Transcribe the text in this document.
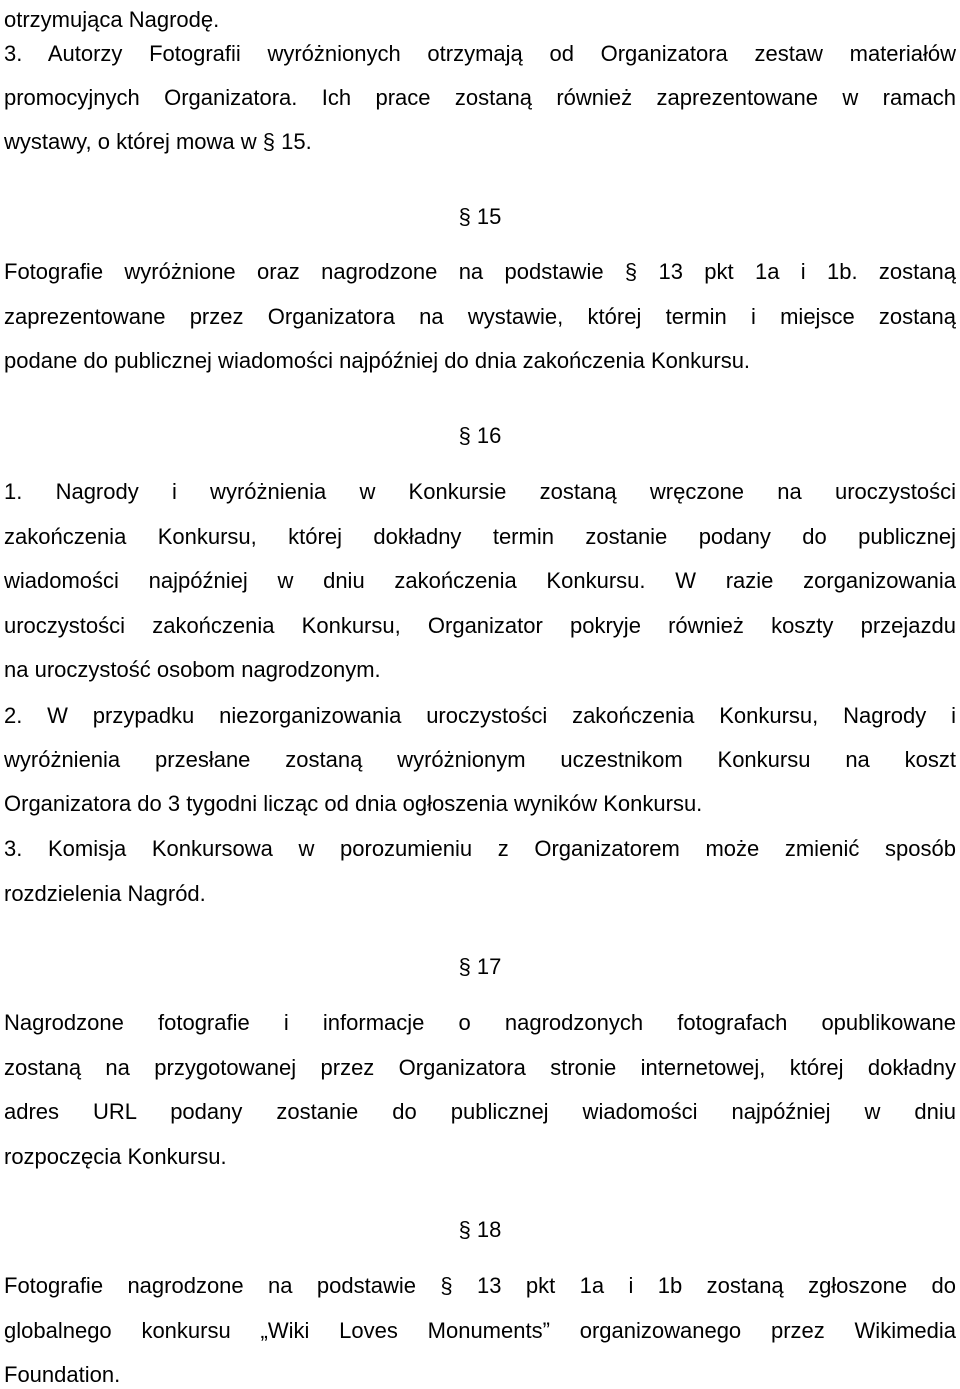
otrzymująca Nagrodę.
3. Autorzy Fotografii wyróżnionych otrzymają od Organizatora zestaw materiałów
promocyjnych Organizatora. Ich prace zostaną również zaprezentowane w ramach
wystawy, o której mowa w § 15.
§ 15
Fotografie wyróżnione oraz nagrodzone na podstawie § 13 pkt 1a i 1b. zostaną
zaprezentowane przez Organizatora na wystawie, której termin i miejsce zostaną
podane do publicznej wiadomości najpóźniej do dnia zakończenia Konkursu.
§ 16
1. Nagrody i wyróżnienia w Konkursie zostaną wręczone na uroczystości
zakończenia Konkursu, której dokładny termin zostanie podany do publicznej
wiadomości najpóźniej w dniu zakończenia Konkursu. W razie zorganizowania
uroczystości zakończenia Konkursu, Organizator pokryje również koszty przejazdu
na uroczystość osobom nagrodzonym.
2. W przypadku niezorganizowania uroczystości zakończenia Konkursu, Nagrody i
wyróżnienia przesłane zostaną wyróżnionym uczestnikom Konkursu na koszt
Organizatora do 3 tygodni licząc od dnia ogłoszenia wyników Konkursu.
3. Komisja Konkursowa w porozumieniu z Organizatorem może zmienić sposób
rozdzielenia Nagród.
§ 17
Nagrodzone fotografie i informacje o nagrodzonych fotografach opublikowane
zostaną na przygotowanej przez Organizatora stronie internetowej, której dokładny
adres URL podany zostanie do publicznej wiadomości najpóźniej w dniu
rozpoczęcia Konkursu.
§ 18
Fotografie nagrodzone na podstawie § 13 pkt 1a i 1b zostaną zgłoszone do
globalnego konkursu „Wiki Loves Monuments” organizowanego przez Wikimedia
Foundation.
